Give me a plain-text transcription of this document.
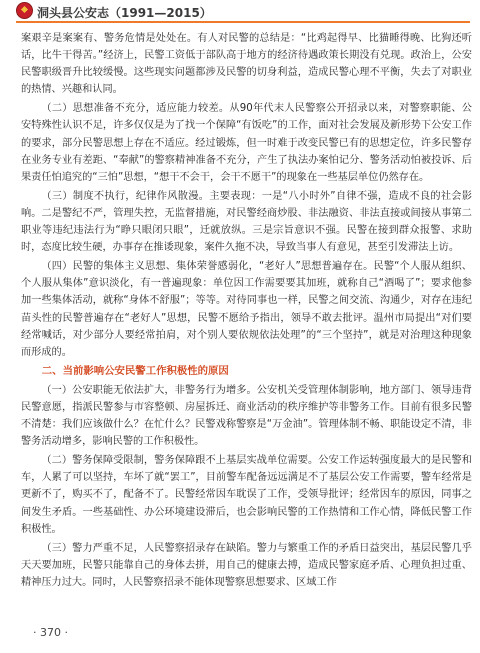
洞头县公安志（1991—2015）

案艰辛是案案有、警务危情是处处在。有人对民警的总结是：“比鸡起得早、比猫睡得晚、比狗还听话，比牛干得苦。”经济上，民警工资低于部队高于地方的经济待遇政策长期没有兑现。政治上，公安民警职级晋升比较缓慢。这些现实问题都涉及民警的切身利益，造成民警心理不平衡，失去了对职业的热情、兴趣和认同。

（二）思想准备不充分，适应能力较差。从90年代末人民警察公开招录以来，对警察职能、公安特殊性认识不足，许多仅仅是为了找一个保障“有饭吃”的工作，面对社会发展及新形势下公安工作的要求，部分民警思想上存在不适应。经过锻炼，但一时难于改变民警已有的思想定位，许多民警存在业务专业有差距、“奉献”的警察精神准备不充分，产生了执法办案怕记分、警务活动怕被投诉、后果责任怕追究的“三怕”思想，“想干不会干，会干不愿干”的现象在一些基层单位仍然存在。

（三）制度不执行，纪律作风散漫。主要表现：一是“八小时外”自律不强，造成不良的社会影响。二是警纪不严，管理失控，无监督措施，对民警经商炒股、非法融资、非法直接或间接从事第二职业等违纪违法行为“睁只眼闭只眼”，迁就放纵。三是宗旨意识不强。民警在接到群众报警、求助时，态度比较生硬，办事存在推诿现象，案件久拖不决，导致当事人有意见，甚至引发滞法上访。

（四）民警的集体主义思想、集体荣誉感弱化，“老好人”思想普遍存在。民警“个人服从组织、个人服从集体”意识淡化，有一普遍现象：单位因工作需要要其加班，就称自己“酒喝了”；要求他参加一些集体活动，就称“身体不舒服”；等等。对待同事也一样，民警之间交流、沟通少，对存在违纪苗头性的民警普遍存在“老好人”思想，民警不愿给予指出，领导不敢去批评。温州市局提出“对们要经常喊话，对少部分人要经常拍肩，对个别人要依规依法处理”的“三个坚持”，就是对治理这种现象而形成的。

二、当前影响公安民警工作积极性的原因

（一）公安职能无依法扩大，非警务行为增多。公安机关受管理体制影响，地方部门、领导违背民警意愿，指派民警参与市容整顿、房屋拆迁、商业活动的秩序维护等非警务工作。目前有很多民警不清楚：我们应该做什么？在忙什么？民警戏称警察是“万金油”。管理体制不畅、职能设定不清，非警务活动增多，影响民警的工作积极性。

（二）警务保障受限制，警务保障跟不上基层实战单位需要。公安工作运转强度最大的是民警和车，人累了可以坚持，车坏了就“罢工”，目前警车配备远远满足不了基层公安工作需要，警车经常是更新不了，购买不了，配备不了。民警经常因车耽误了工作，受领导批评；经常因车的原因，同事之间发生矛盾。一些基础性、办公环境建设滞后，也会影响民警的工作热情和工作心情，降低民警工作积极性。

（三）警力严重不足，人民警察招录存在缺陷。警力与繁重工作的矛盾日益突出，基层民警几乎天天要加班，民警只能靠自己的身体去拼，用自己的健康去搏，造成民警家庭矛盾、心理负担过重、精神压力过大。同时，人民警察招录不能体现警察思想要求、区域工作

· 370 ·
